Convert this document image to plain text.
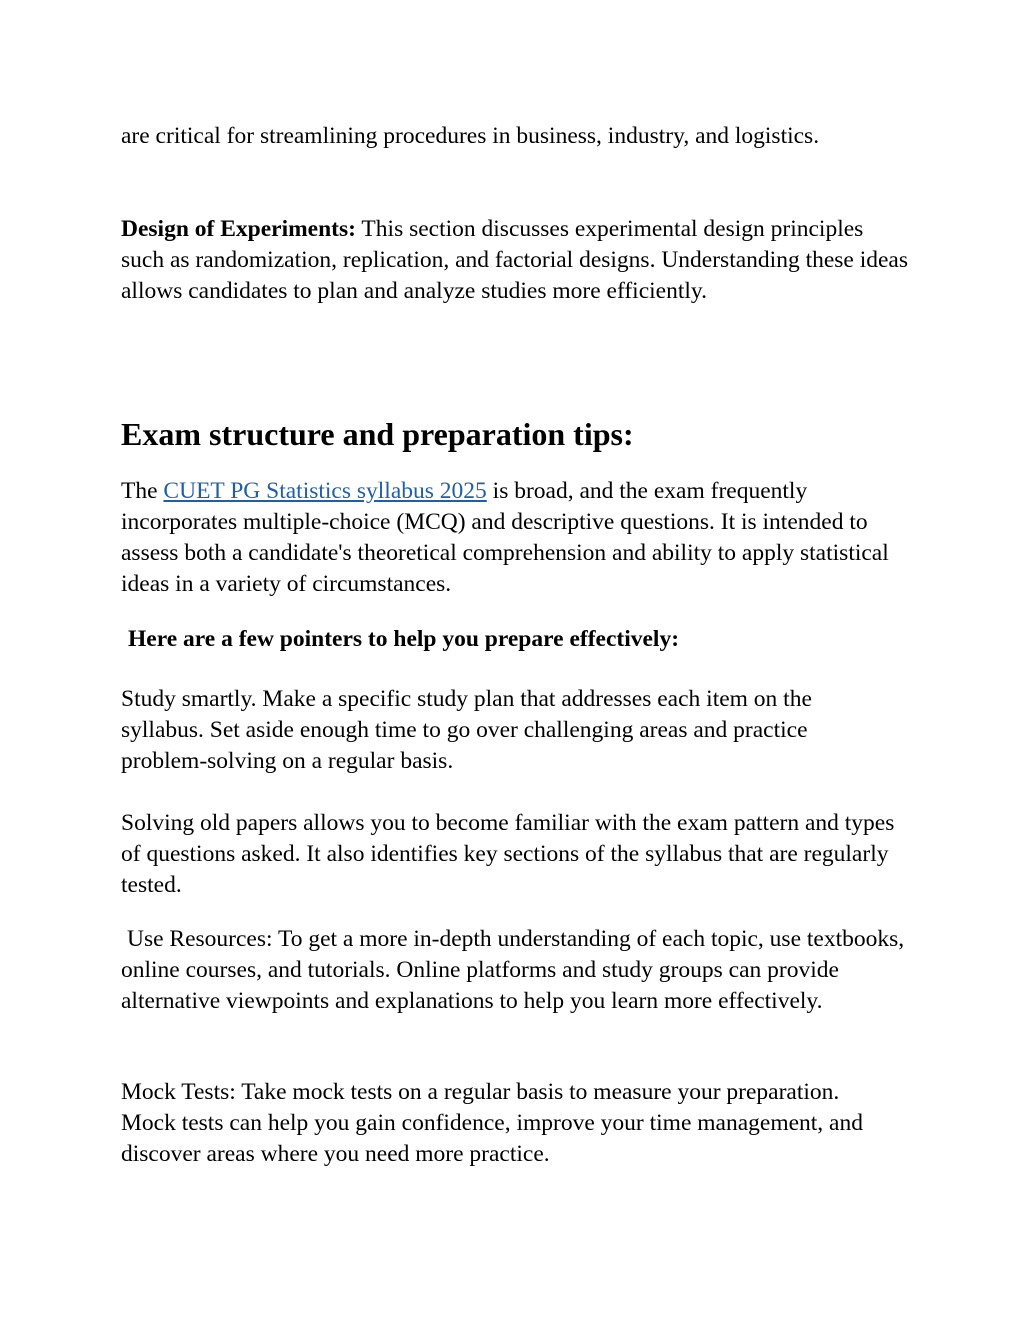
are critical for streamlining procedures in business, industry, and logistics.

Design of Experiments: This section discusses experimental design principles such as randomization, replication, and factorial designs. Understanding these ideas allows candidates to plan and analyze studies more efficiently.

Exam structure and preparation tips:

The CUET PG Statistics syllabus 2025 is broad, and the exam frequently incorporates multiple-choice (MCQ) and descriptive questions. It is intended to assess both a candidate's theoretical comprehension and ability to apply statistical ideas in a variety of circumstances.

Here are a few pointers to help you prepare effectively:

Study smartly. Make a specific study plan that addresses each item on the syllabus. Set aside enough time to go over challenging areas and practice problem-solving on a regular basis.

Solving old papers allows you to become familiar with the exam pattern and types of questions asked. It also identifies key sections of the syllabus that are regularly tested.

Use Resources: To get a more in-depth understanding of each topic, use textbooks, online courses, and tutorials. Online platforms and study groups can provide alternative viewpoints and explanations to help you learn more effectively.

Mock Tests: Take mock tests on a regular basis to measure your preparation. Mock tests can help you gain confidence, improve your time management, and discover areas where you need more practice.
